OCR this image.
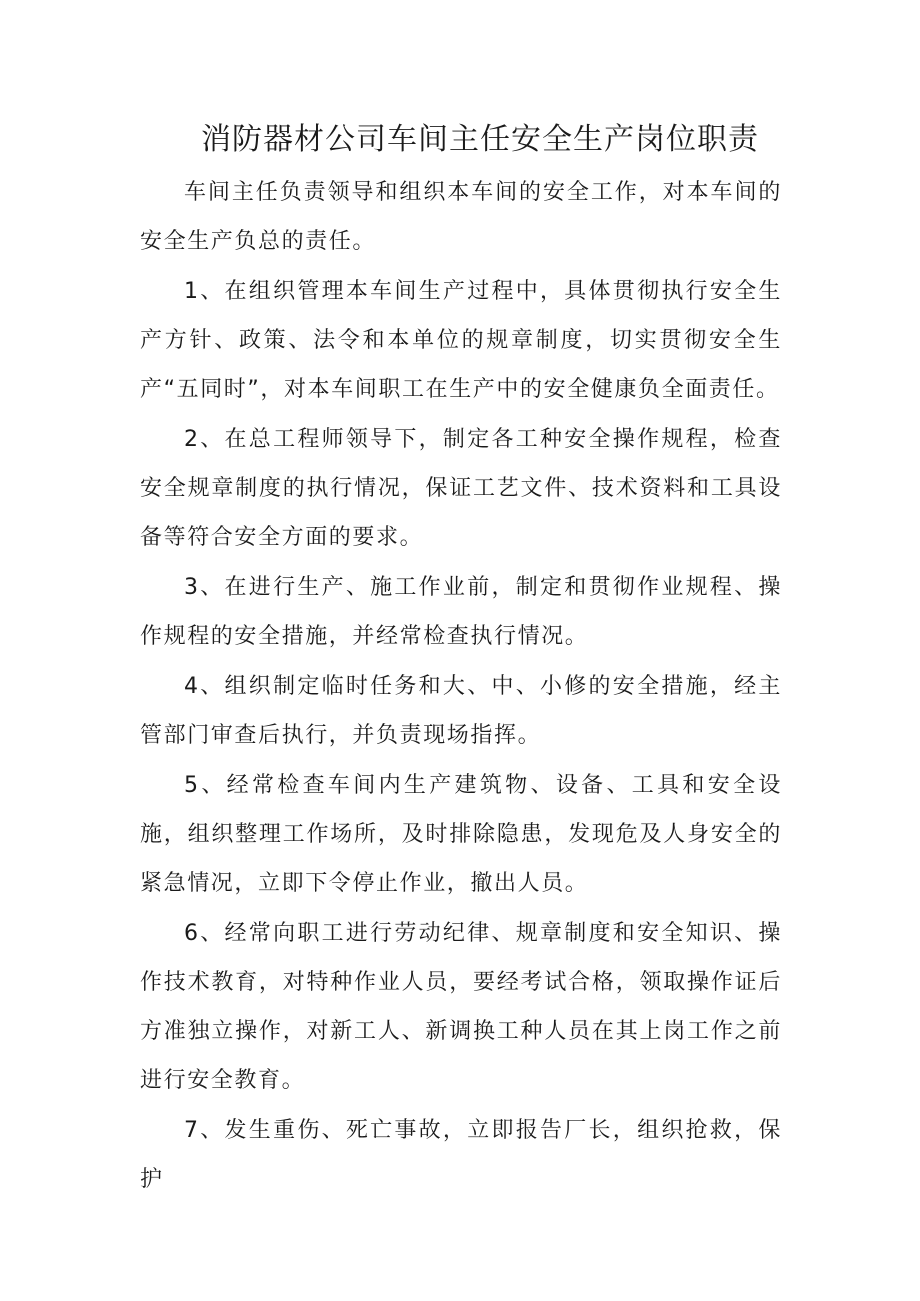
消防器材公司车间主任安全生产岗位职责

车间主任负责领导和组织本车间的安全工作，对本车间的安全生产负总的责任。

1、在组织管理本车间生产过程中，具体贯彻执行安全生产方针、政策、法令和本单位的规章制度，切实贯彻安全生产“五同时”，对本车间职工在生产中的安全健康负全面责任。

2、在总工程师领导下，制定各工种安全操作规程，检查安全规章制度的执行情况，保证工艺文件、技术资料和工具设备等符合安全方面的要求。

3、在进行生产、施工作业前，制定和贯彻作业规程、操作规程的安全措施，并经常检查执行情况。

4、组织制定临时任务和大、中、小修的安全措施，经主管部门审查后执行，并负责现场指挥。

5、经常检查车间内生产建筑物、设备、工具和安全设施，组织整理工作场所，及时排除隐患，发现危及人身安全的紧急情况，立即下令停止作业，撤出人员。

6、经常向职工进行劳动纪律、规章制度和安全知识、操作技术教育，对特种作业人员，要经考试合格，领取操作证后方准独立操作，对新工人、新调换工种人员在其上岗工作之前进行安全教育。

7、发生重伤、死亡事故，立即报告厂长，组织抢救，保护
